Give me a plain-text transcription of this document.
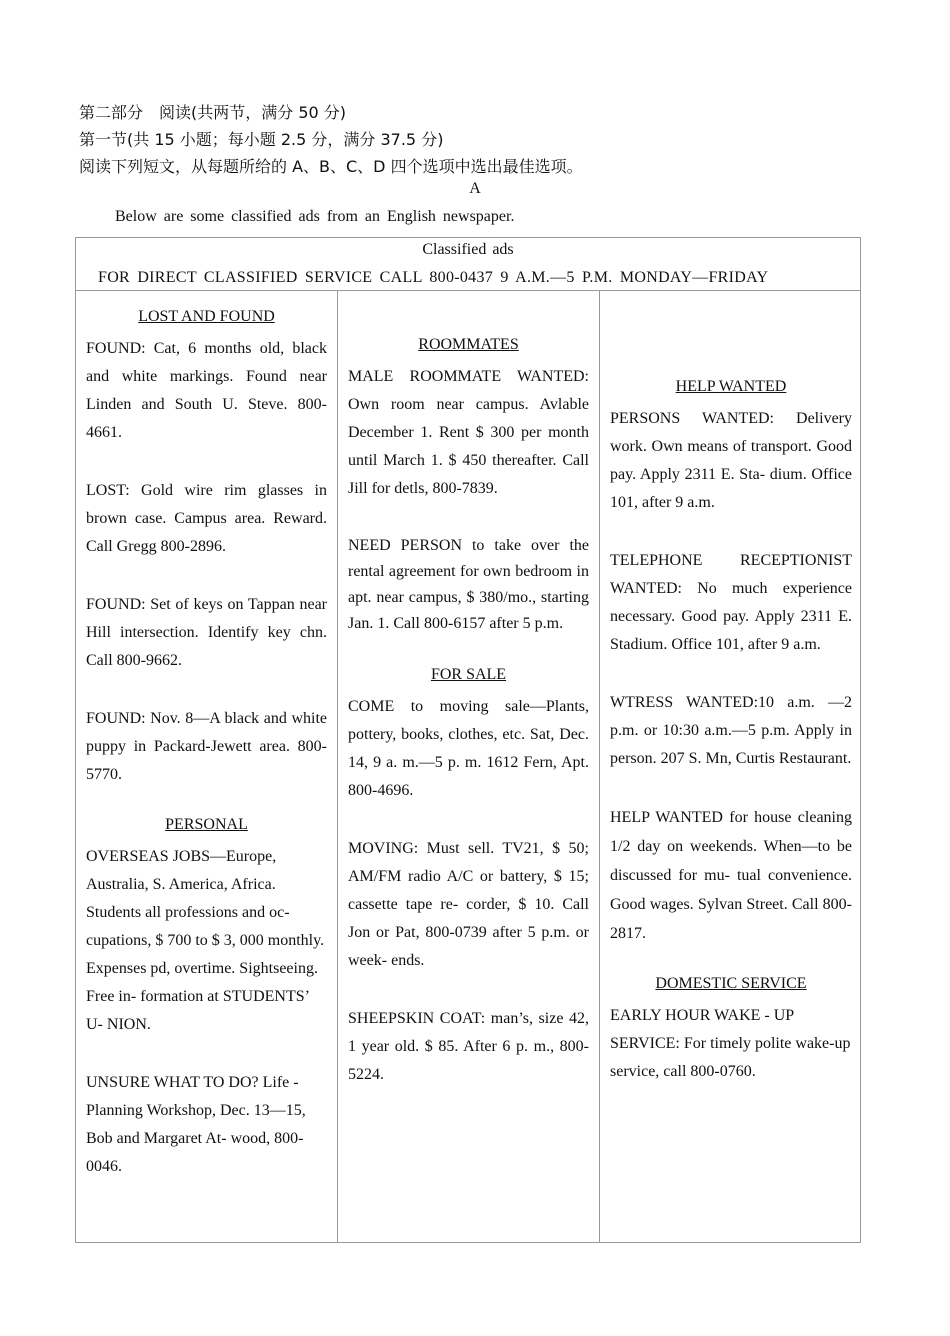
第二部分　阅读(共两节，满分 50 分)
第一节(共 15 小题；每小题 2.5 分，满分 37.5 分)
阅读下列短文，从每题所给的 A、B、C、D 四个选项中选出最佳选项。
A
Below are some classified ads from an English newspaper.
Classified ads
FOR DIRECT CLASSIFIED SERVICE CALL 800-0437 9 A.M.—5 P.M. MONDAY—FRIDAY
LOST AND FOUND

FOUND: Cat, 6 months old, black and white markings. Found near Linden and South U. Steve. 800-4661.

LOST: Gold wire rim glasses in brown case. Campus area. Reward. Call Gregg 800-2896.

FOUND: Set of keys on Tappan near Hill intersection. Identify key chn. Call 800-9662.

FOUND: Nov. 8—A black and white puppy in Packard-Jewett area. 800-5770.

PERSONAL

OVERSEAS JOBS—Europe, Australia, S. America, Africa. Students all professions and oc- cupations, $ 700 to $ 3, 000 monthly. Expenses pd, overtime. Sightseeing. Free in- formation at STUDENTS’ U- NION.

UNSURE WHAT TO DO? Life - Planning Workshop, Dec. 13—15, Bob and Margaret At- wood, 800-0046.

ROOMMATES

MALE ROOMMATE WANTED: Own room near campus. Avlable December 1. Rent $ 300 per month until March 1. $ 450 thereafter. Call Jill for detls, 800-7839.

NEED PERSON to take over the rental agreement for own bedroom in apt. near campus, $ 380/mo., starting Jan. 1. Call 800-6157 after 5 p.m.

FOR SALE

COME to moving sale—Plants, pottery, books, clothes, etc. Sat, Dec. 14, 9 a. m.—5 p. m. 1612 Fern, Apt. 800-4696.

MOVING: Must sell. TV21, $ 50; AM/FM radio A/C or battery, $ 15; cassette tape re- corder, $ 10. Call Jon or Pat, 800-0739 after 5 p.m. or week- ends.

SHEEPSKIN COAT: man’s, size 42, 1 year old. $ 85. After 6 p. m., 800-5224.

HELP WANTED

PERSONS WANTED: Delivery work. Own means of transport. Good pay. Apply 2311 E. Sta- dium. Office 101, after 9 a.m.

TELEPHONE RECEPTIONIST WANTED: No much experience necessary. Good pay. Apply 2311 E. Stadium. Office 101, after 9 a.m.

WTRESS WANTED:10 a.m. —2 p.m. or 10:30 a.m.—5 p.m. Apply in person. 207 S. Mn, Curtis Restaurant.

HELP WANTED for house cleaning 1/2 day on weekends. When—to be discussed for mu- tual convenience. Good wages. Sylvan Street. Call 800-2817.

DOMESTIC SERVICE

EARLY HOUR WAKE - UP SERVICE: For timely polite wake-up service, call 800-0760.
